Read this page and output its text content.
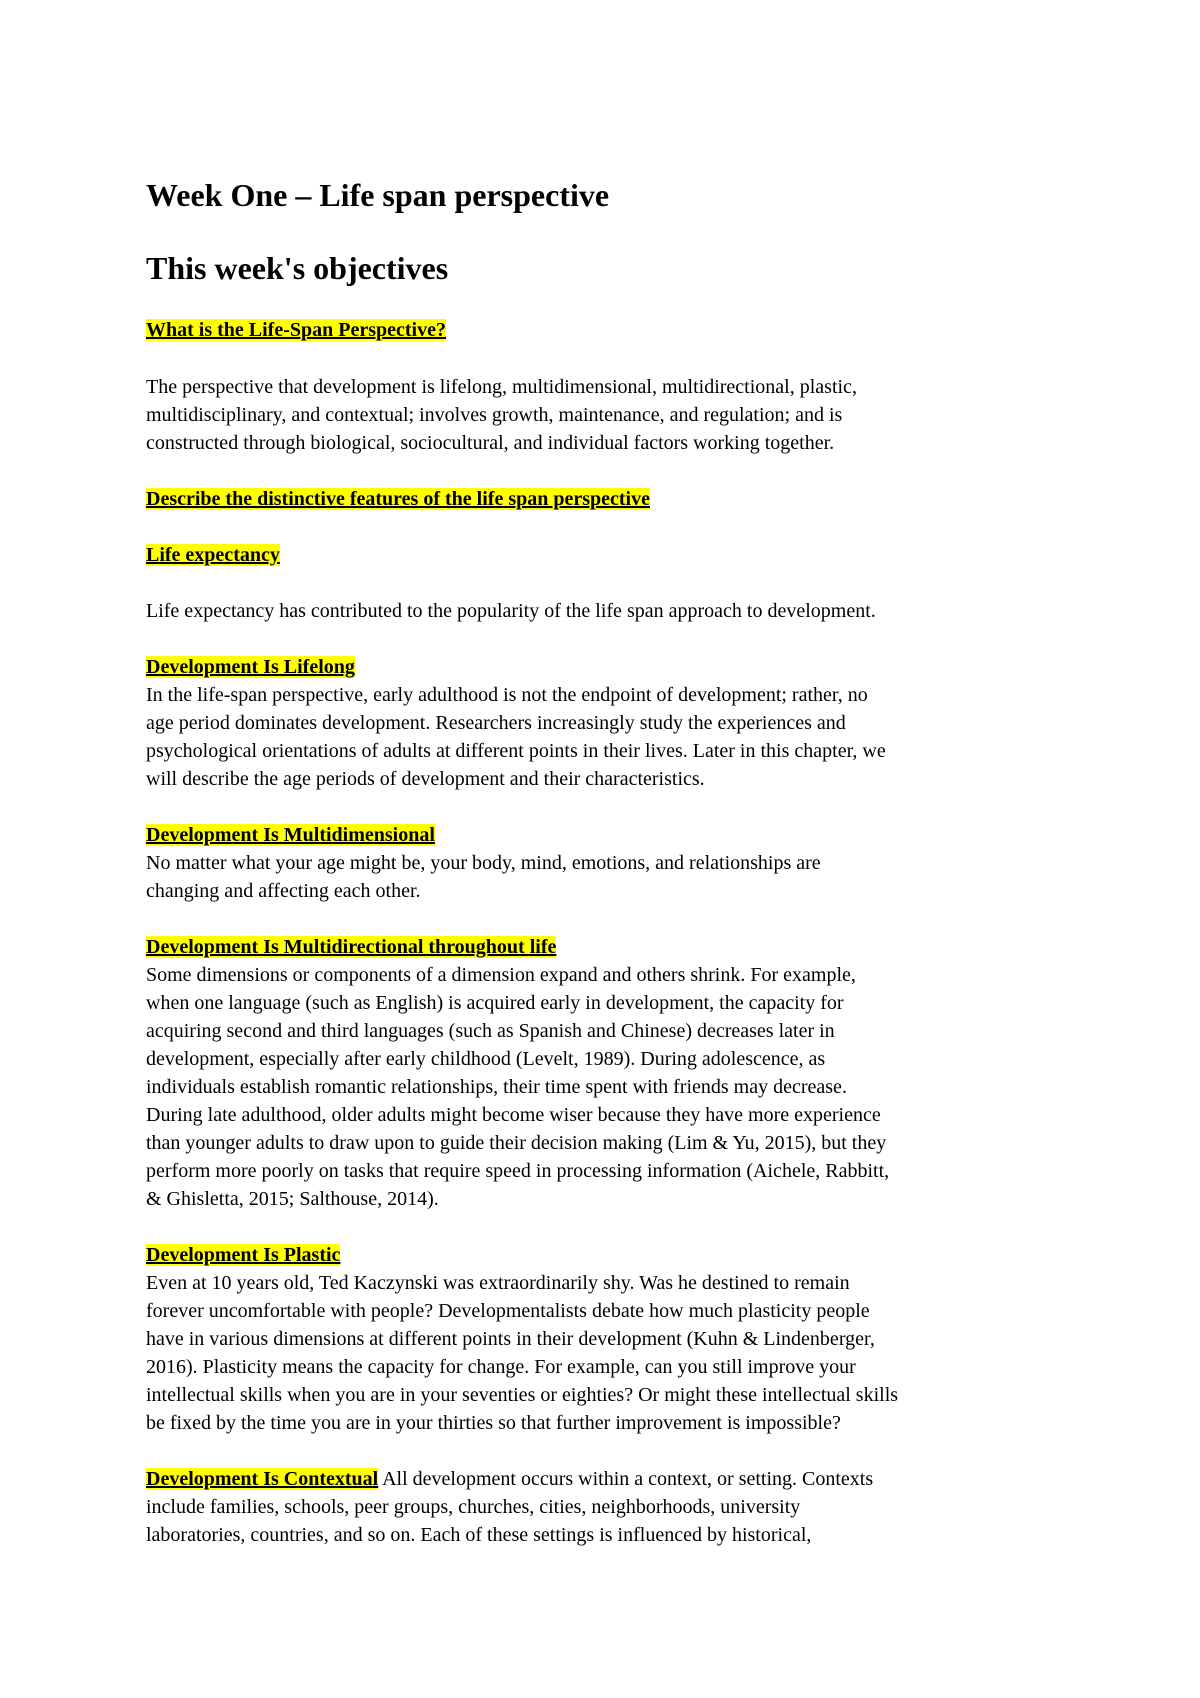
Week One – Life span perspective
This week's objectives
What is the Life-Span Perspective?
The perspective that development is lifelong, multidimensional, multidirectional, plastic,
multidisciplinary, and contextual; involves growth, maintenance, and regulation; and is
constructed through biological, sociocultural, and individual factors working together.
Describe the distinctive features of the life span perspective
Life expectancy
Life expectancy has contributed to the popularity of the life span approach to development.
Development Is Lifelong
In the life-span perspective, early adulthood is not the endpoint of development; rather, no
age period dominates development. Researchers increasingly study the experiences and
psychological orientations of adults at different points in their lives. Later in this chapter, we
will describe the age periods of development and their characteristics.
Development Is Multidimensional
No matter what your age might be, your body, mind, emotions, and relationships are
changing and affecting each other.
Development Is Multidirectional throughout life
Some dimensions or components of a dimension expand and others shrink. For example,
when one language (such as English) is acquired early in development, the capacity for
acquiring second and third languages (such as Spanish and Chinese) decreases later in
development, especially after early childhood (Levelt, 1989). During adolescence, as
individuals establish romantic relationships, their time spent with friends may decrease.
During late adulthood, older adults might become wiser because they have more experience
than younger adults to draw upon to guide their decision making (Lim & Yu, 2015), but they
perform more poorly on tasks that require speed in processing information (Aichele, Rabbitt,
& Ghisletta, 2015; Salthouse, 2014).
Development Is Plastic
Even at 10 years old, Ted Kaczynski was extraordinarily shy. Was he destined to remain
forever uncomfortable with people? Developmentalists debate how much plasticity people
have in various dimensions at different points in their development (Kuhn & Lindenberger,
2016). Plasticity means the capacity for change. For example, can you still improve your
intellectual skills when you are in your seventies or eighties? Or might these intellectual skills
be fixed by the time you are in your thirties so that further improvement is impossible?
Development Is Contextual All development occurs within a context, or setting. Contexts
include families, schools, peer groups, churches, cities, neighborhoods, university
laboratories, countries, and so on. Each of these settings is influenced by historical,
